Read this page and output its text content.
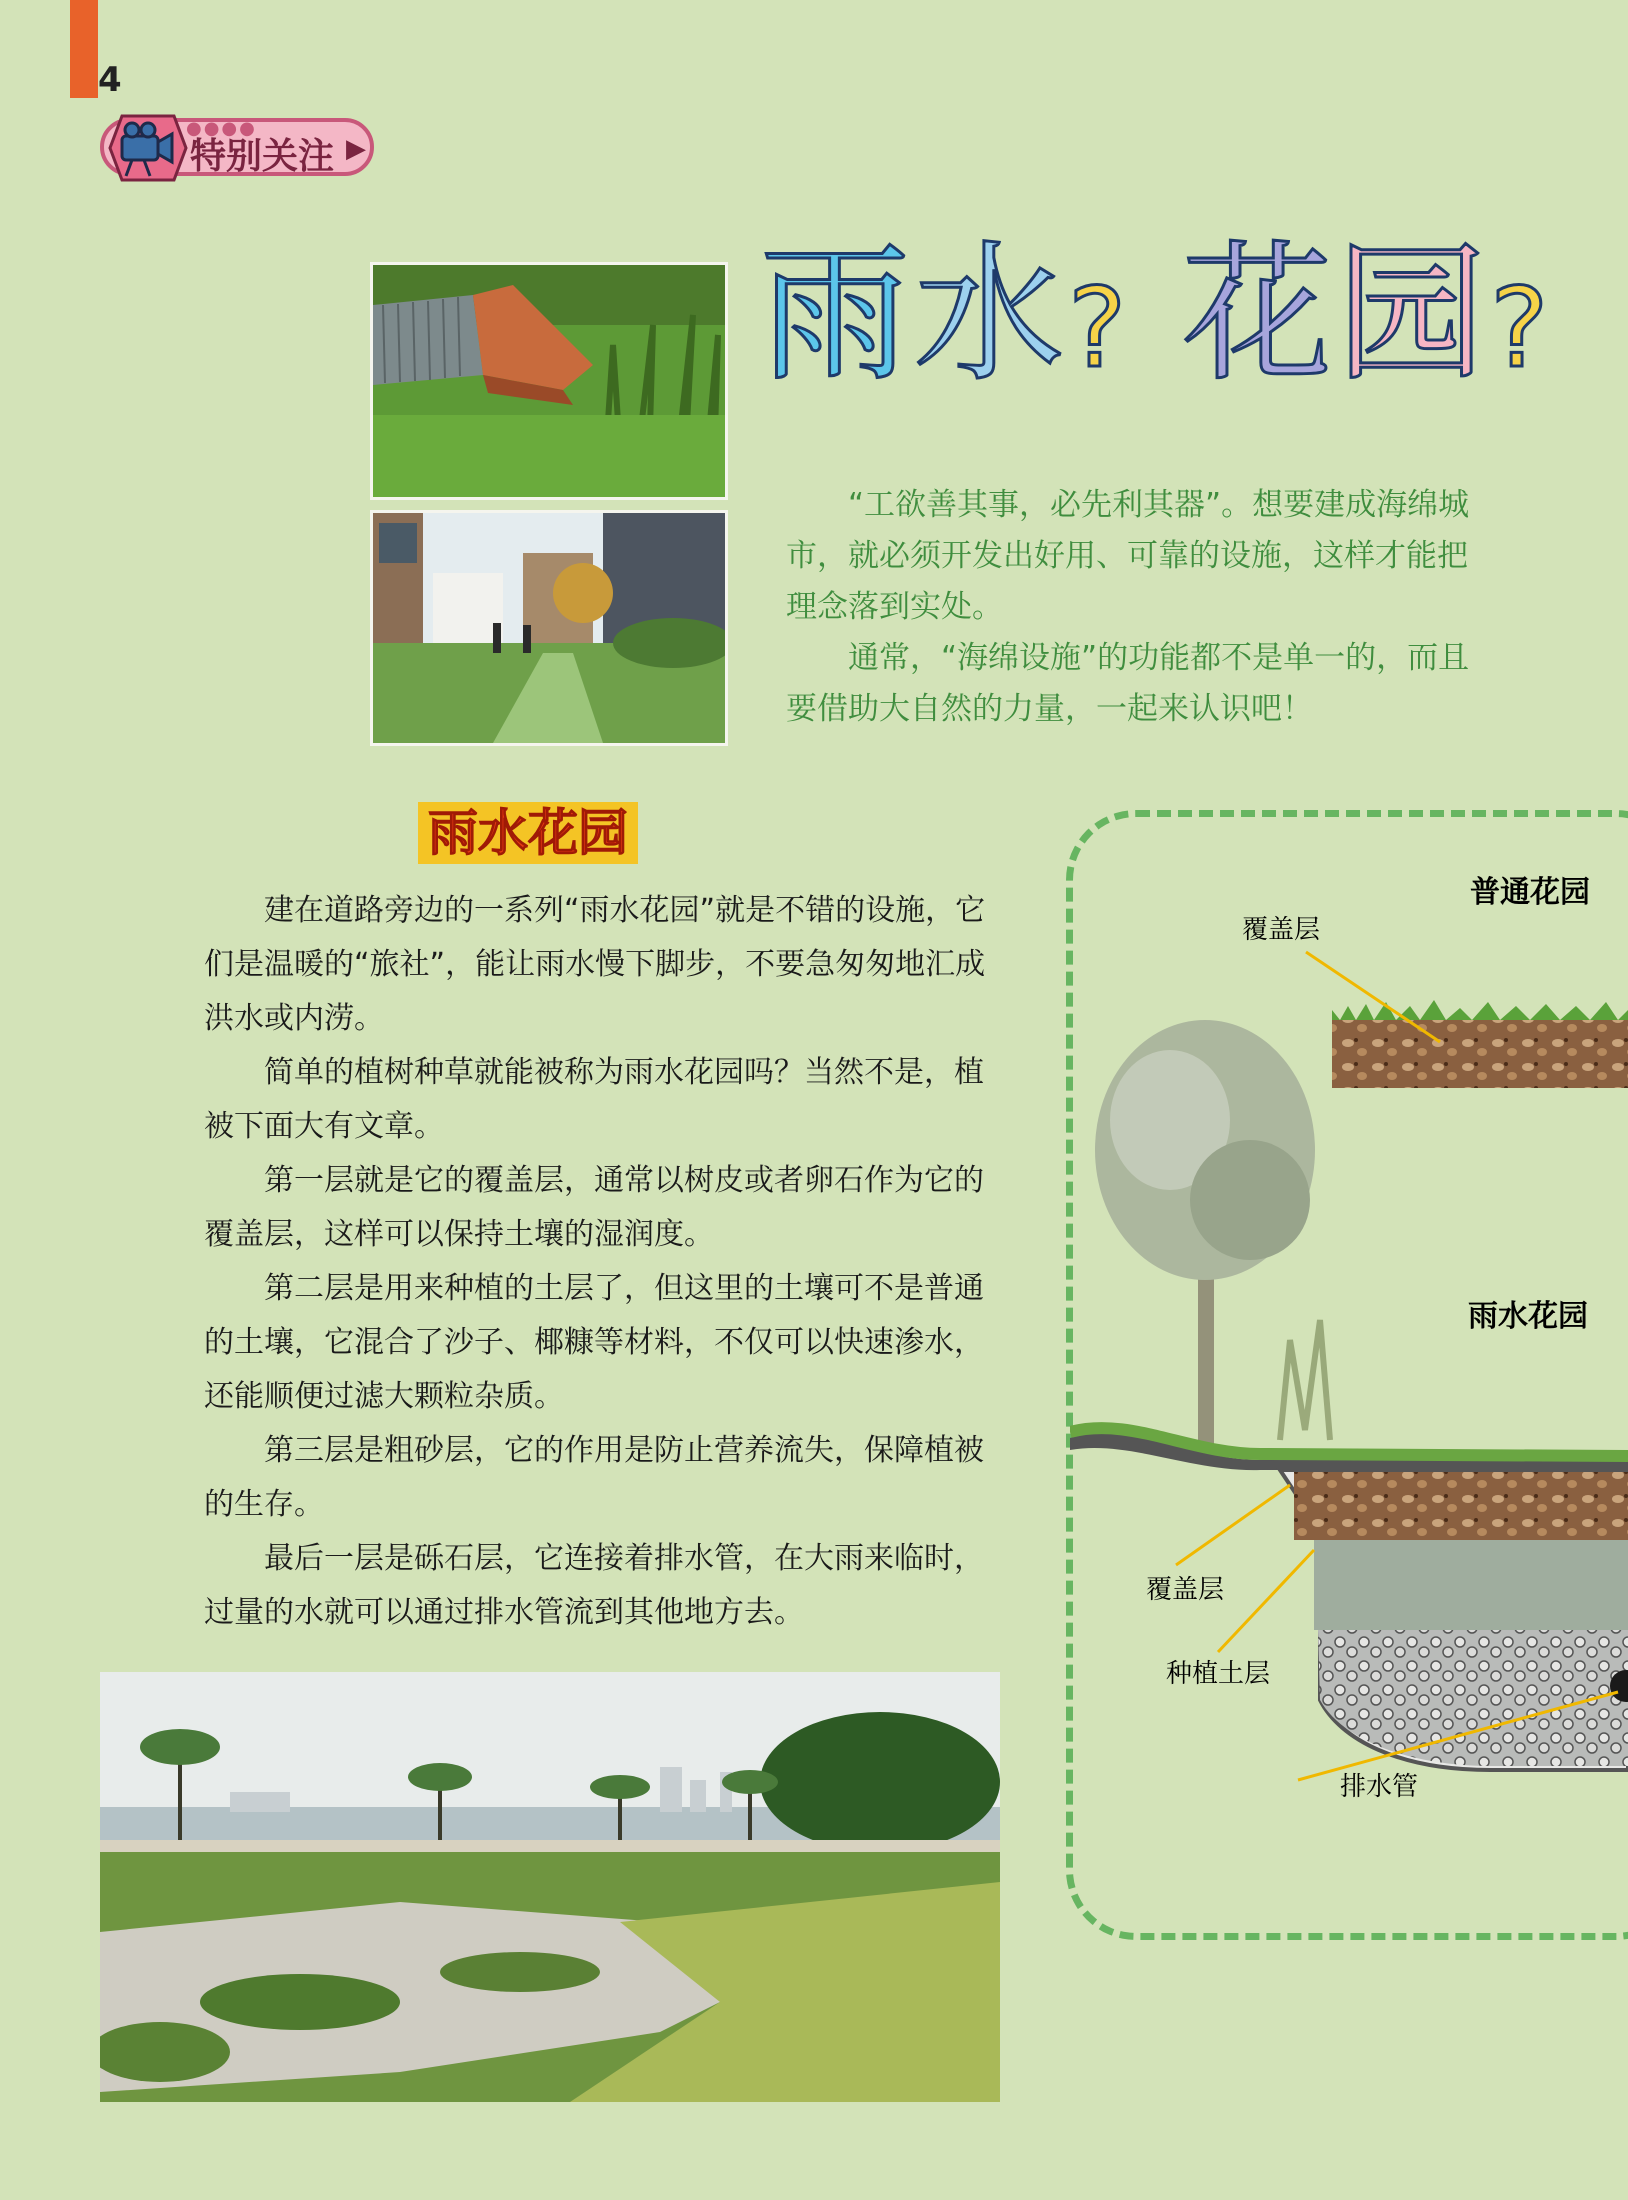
4
●●●●
特别关注 ▶
雨水? 花园?

“工欲善其事，必先利其器”。想要建成海绵城市，就必须开发出好用、可靠的设施，这样才能把理念落到实处。

通常，“海绵设施”的功能都不是单一的，而且要借助大自然的力量，一起来认识吧！

雨水花园

建在道路旁边的一系列“雨水花园”就是不错的设施，它们是温暖的“旅社”，能让雨水慢下脚步，不要急匆匆地汇成洪水或内涝。

简单的植树种草就能被称为雨水花园吗？当然不是，植被下面大有文章。

第一层就是它的覆盖层，通常以树皮或者卵石作为它的覆盖层，这样可以保持土壤的湿润度。

第二层是用来种植的土层了，但这里的土壤可不是普通的土壤，它混合了沙子、椰糠等材料，不仅可以快速渗水，还能顺便过滤大颗粒杂质。

第三层是粗砂层，它的作用是防止营养流失，保障植被的生存。

最后一层是砾石层，它连接着排水管，在大雨来临时，过量的水就可以通过排水管流到其他地方去。

普通花园
覆盖层
雨水花园
覆盖层
种植土层
排水管
